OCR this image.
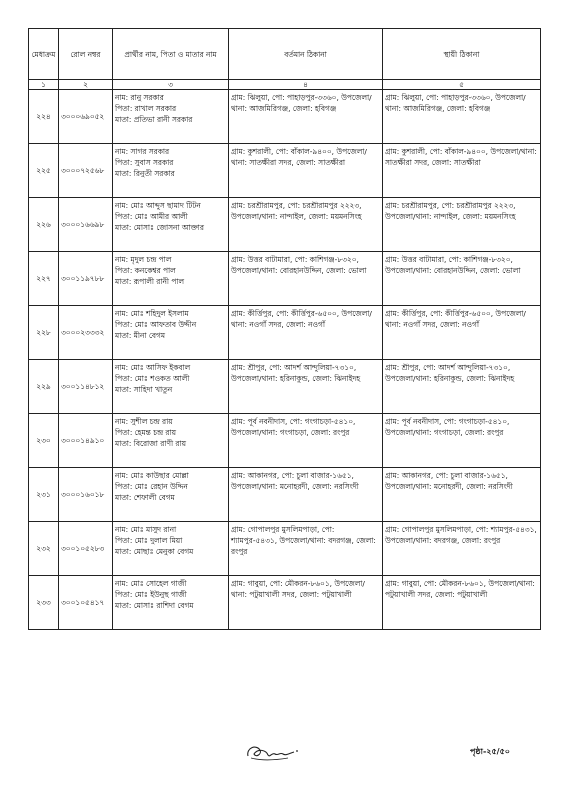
মেধাক্রম	রোল নম্বর	প্রার্থীর নাম, পিতা ও মাতার নাম	বর্তমান ঠিকানা	স্থায়ী ঠিকানা
১	২	৩	৪	৫
২২৪	৩০০০৬৯০৫২	নাম: রানু সরকার
পিতা: রাখাল সরকার
মাতা: প্রতিভা রানী সরকার	গ্রাম: ঝিলুয়া, পো: পাহাড়পুর-৩৩৬০, উপজেলা/থানা: আজমিরিগঞ্জ, জেলা: হবিগঞ্জ	গ্রাম: ঝিলুয়া, পো: পাহাড়পুর-৩৩৬০, উপজেলা/থানা: আজমিরিগঞ্জ, জেলা: হবিগঞ্জ
২২৫	৩০০০৭২৫৬৮	নাম: সাগর সরকার
পিতা: সুবাস সরকার
মাতা: রিনুতী সরকার	গ্রাম: কুশরালী, পো: বাঁকাল-৯৪০০, উপজেলা/থানা: সাতক্ষীরা সদর, জেলা: সাতক্ষীরা	গ্রাম: কুশরালী, পো: বাঁকাল-৯৪০০, উপজেলা/থানা: সাতক্ষীরা সদর, জেলা: সাতক্ষীরা
২২৬	৩০০০১৬৬৯৮	নাম: মোঃ আব্দুস ছামাদ টিটন
পিতা: মোঃ আমীর আলী
মাতা: মোসাঃ জোসনা আক্তার	গ্রাম: চরশ্রীরামপুর, পো: চরশ্রীরামপুর ২২২৩, উপজেলা/থানা: নান্দাইল, জেলা: ময়মনসিংহ	গ্রাম: চরশ্রীরামপুর, পো: চরশ্রীরামপুর ২২২৩, উপজেলা/থানা: নান্দাইল, জেলা: ময়মনসিংহ
২২৭	৩০০১১৯৭৮৮	নাম: মৃদুল চন্দ্র পাল
পিতা: কনকেশ্বর পাল
মাতা: রূপালী রানী পাল	গ্রাম: উত্তর বাটামারা, পো: কাশিগঞ্জ-৮৩২০, উপজেলা/থানা: বোরহানউদ্দিন, জেলা: ভোলা	গ্রাম: উত্তর বাটামারা, পো: কাশিগঞ্জ-৮৩২০, উপজেলা/থানা: বোরহানউদ্দিন, জেলা: ভোলা
২২৮	৩০০০২৩৩৩২	নাম: মোঃ শহিদুল ইসলাম
পিতা: মোঃ আফতাব উদ্দীন
মাতা: মীনা বেগম	গ্রাম: কীর্ত্তিপুর, পো: কীর্ত্তিপুর-৬৫০০, উপজেলা/থানা: নওগাঁ সদর, জেলা: নওগাঁ	গ্রাম: কীর্ত্তিপুর, পো: কীর্ত্তিপুর-৬৫০০, উপজেলা/থানা: নওগাঁ সদর, জেলা: নওগাঁ
২২৯	৩০০১১৪৮১২	নাম: মোঃ আসিফ ইকবাল
পিতা: মোঃ শওকত আলী
মাতা: সাহিদা খাতুন	গ্রাম: শ্রীপুর, পো: আদর্শ আন্দুলিয়া-৭৩১০, উপজেলা/থানা: হরিনাকুন্ড, জেলা: ঝিনাইদহ	গ্রাম: শ্রীপুর, পো: আদর্শ আন্দুলিয়া-৭৩১০, উপজেলা/থানা: হরিনাকুন্ড, জেলা: ঝিনাইদহ
২৩০	৩০০০১৪৯১০	নাম: সুশীল চন্দ্র রায়
পিতা: হেমন্ত চন্দ্র রায়
মাতা: বিরোজা রাণী রায়	গ্রাম: পূর্ব নবনীদাস, পো: গংগাচড়া-৫৪১০, উপজেলা/থানা: গংগাচড়া, জেলা: রংপুর	গ্রাম: পূর্ব নবনীদাস, পো: গংগাচড়া-৫৪১০, উপজেলা/থানা: গংগাচড়া, জেলা: রংপুর
২৩১	৩০০০১৬০১৮	নাম: মোঃ কাউছার মোল্লা
পিতা: মোঃ রেহান উদ্দিন
মাতা: শেফালী বেগম	গ্রাম: আকানগর, পো: চুলা বাজার-১৬৫১, উপজেলা/থানা: মনোহরদী, জেলা: নরসিংদী	গ্রাম: আকানগর, পো: চুলা বাজার-১৬৫১, উপজেলা/থানা: মনোহরদী, জেলা: নরসিংদী
২৩২	৩০০১০৫২৮৩	নাম: মোঃ মাসুদ রানা
পিতা: মোঃ দুলাল মিয়া
মাতা: মোছাঃ মেনুকা বেগম	গ্রাম: গোপালপুর মুসলিমপাড়া, পো: শ্যামপুর-৫৪৩১, উপজেলা/থানা: বদরগঞ্জ, জেলা: রংপুর	গ্রাম: গোপালপুর মুসলিমপাড়া, পো: শ্যামপুর-৫৪৩১, উপজেলা/থানা: বদরগঞ্জ, জেলা: রংপুর
২৩৩	৩০০১০৫৪১৭	নাম: মোঃ সোহেল গাজী
পিতা: মোঃ ইউনুছ গাজী
মাতা: মোসাঃ রাশিদা বেগম	গ্রাম: গাবুয়া, পো: মৌকরন-৮৬০১, উপজেলা/থানা: পটুয়াখালী সদর, জেলা: পটুয়াখালী	গ্রাম: গাবুয়া, পো: মৌকরন-৮৬০১, উপজেলা/থানা: পটুয়াখালী সদর, জেলা: পটুয়াখালী
পৃষ্ঠা-২৫/৫০
